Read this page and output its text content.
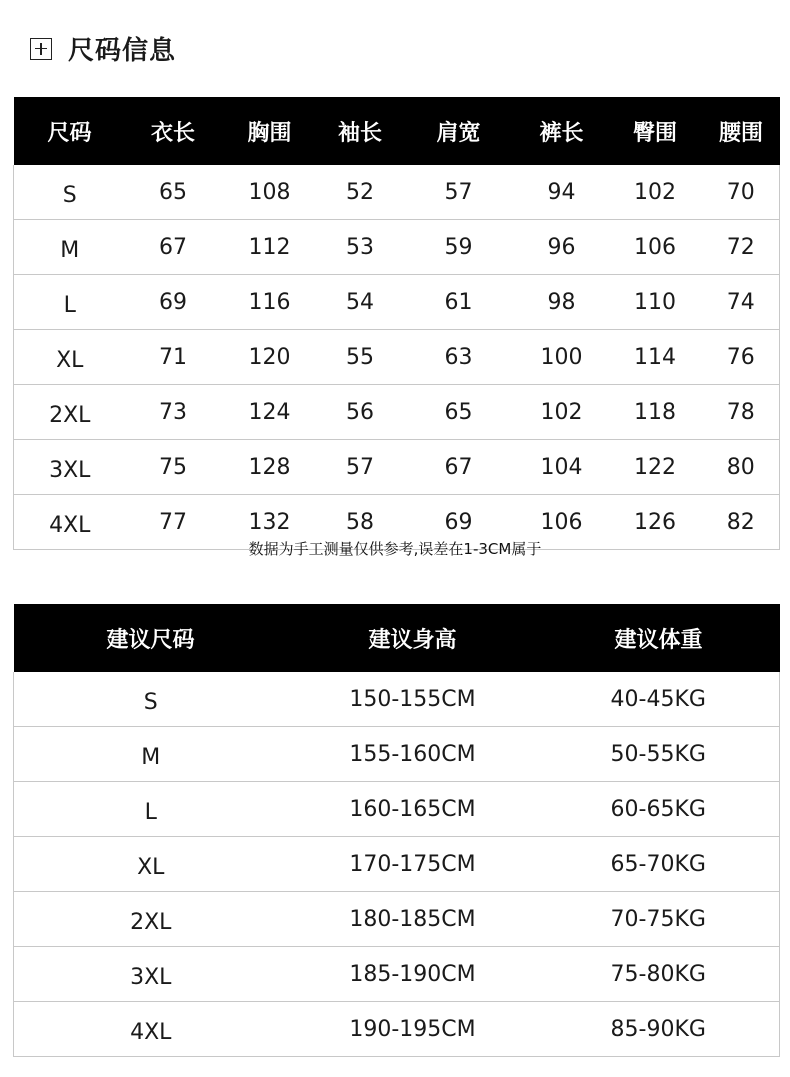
尺码信息
尺码	衣长	胸围	袖长	肩宽	裤长	臀围	腰围
S	65	108	52	57	94	102	70
M	67	112	53	59	96	106	72
L	69	116	54	61	98	110	74
XL	71	120	55	63	100	114	76
2XL	73	124	56	65	102	118	78
3XL	75	128	57	67	104	122	80
4XL	77	132	58	69	106	126	82
数据为手工测量仅供参考,误差在1-3CM属于
建议尺码	建议身高	建议体重
S	150-155CM	40-45KG
M	155-160CM	50-55KG
L	160-165CM	60-65KG
XL	170-175CM	65-70KG
2XL	180-185CM	70-75KG
3XL	185-190CM	75-80KG
4XL	190-195CM	85-90KG
